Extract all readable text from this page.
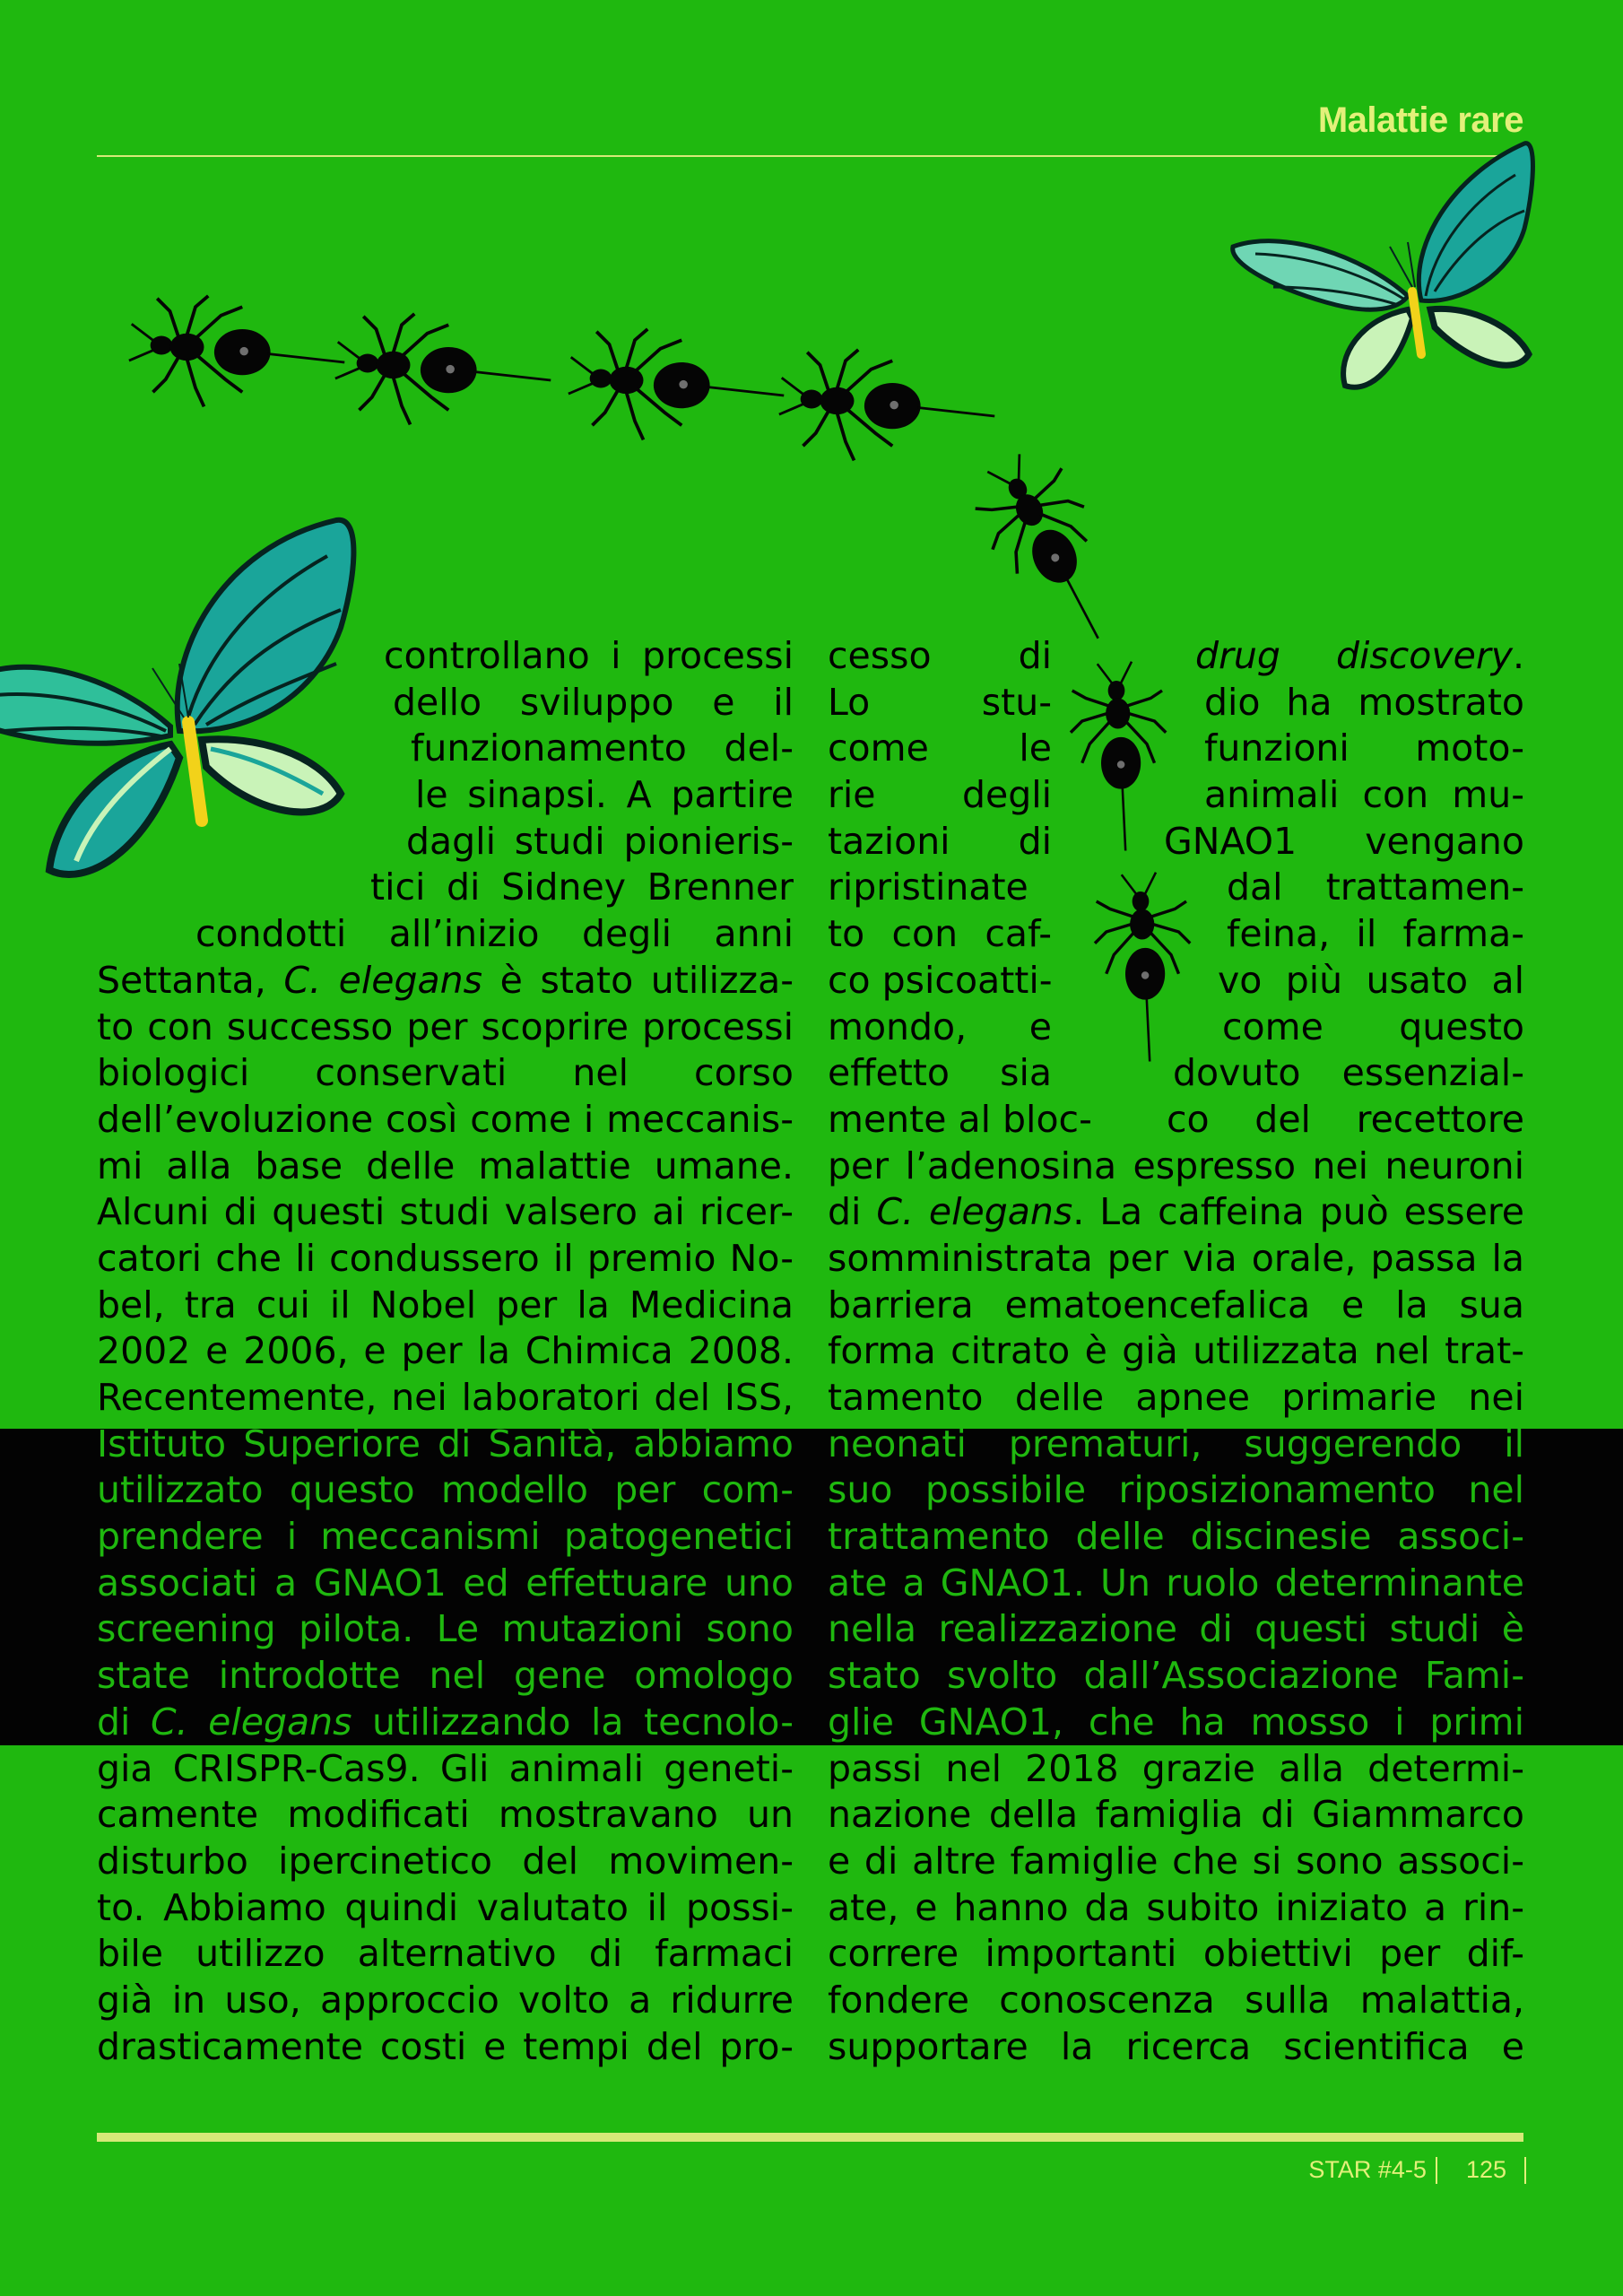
Malattie rare
controllano i processi
dello sviluppo e il
funzionamento del-
le sinapsi. A partire
dagli studi pionieris-
tici di Sidney Brenner
condotti all’inizio degli anni
Settanta, C. elegans è stato utilizza-
to con successo per scoprire processi
biologici conservati nel corso
dell’evoluzione così come i meccanis-
mi alla base delle malattie umane.
Alcuni di questi studi valsero ai ricer-
catori che li condussero il premio No-
bel, tra cui il Nobel per la Medicina
2002 e 2006, e per la Chimica 2008.
Recentemente, nei laboratori del ISS,
Istituto Superiore di Sanità, abbiamo
utilizzato questo modello per com-
prendere i meccanismi patogenetici
associati a GNAO1 ed effettuare uno
screening pilota. Le mutazioni sono
state introdotte nel gene omologo
di C. elegans utilizzando la tecnolo-
gia CRISPR-Cas9. Gli animali geneti-
camente modificati mostravano un
disturbo ipercinetico del movimen-
to. Abbiamo quindi valutato il possi-
bile utilizzo alternativo di farmaci
già in uso, approccio volto a ridurre
drasticamente costi e tempi del pro-
cesso di	drug discovery.
Lo stu-	dio ha mostrato
come le	funzioni moto-
rie degli	animali con mu-
tazioni di	GNAO1 vengano
ripristinate	dal trattamen-
to con caf-	feina, il farma-
co psicoatti-	vo più usato al
mondo, e	come questo
effetto sia	dovuto essenzial-
mente al bloc- co del recettore
per l’adenosina espresso nei neuroni
di C. elegans. La caffeina può essere
somministrata per via orale, passa la
barriera ematoencefalica e la sua
forma citrato è già utilizzata nel trat-
tamento delle apnee primarie nei
neonati prematuri, suggerendo il
suo possibile riposizionamento nel
trattamento delle discinesie associ-
ate a GNAO1. Un ruolo determinante
nella realizzazione di questi studi è
stato svolto dall’Associazione Fami-
glie GNAO1, che ha mosso i primi
passi nel 2018 grazie alla determi-
nazione della famiglia di Giammarco
e di altre famiglie che si sono associ-
ate, e hanno da subito iniziato a rin-
correre importanti obiettivi per dif-
fondere conoscenza sulla malattia,
supportare la ricerca scientifica e
STAR #4-5 125
